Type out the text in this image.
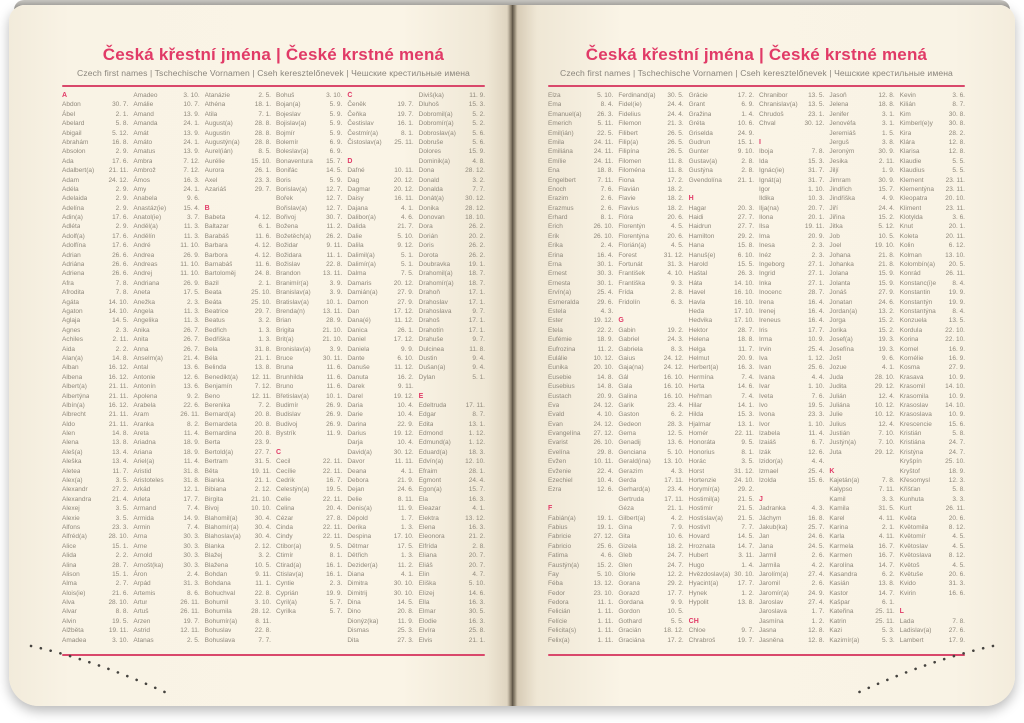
Česká křestní jména | České krstné mená
Czech first names | Tschechische Vornamen | Cseh keresztelőnevek | Чешские крестильные имена
A
Abdon	30. 7.
Ábel	2. 1.
Abelard	5. 8.
Abigail	5. 12.
Abrahám	16. 8.
Absolon	2. 9.
Ada	17. 6.
Adalbert(a)	21. 11.
Adam	24. 12.
Adéla	2. 9.
Adelaida	2. 9.
Adelína	2. 9.
Adin(a)	17. 6.
Adléta	2. 9.
Adolf(a)	17. 6.
Adolfína	17. 6.
Adrian	26. 6.
Adriána	26. 6.
Adriena	26. 6.
Afra	7. 8.
Afrodita	7. 8.
Agáta	14. 10.
Agaton	14. 10.
Aglaja	14. 5.
Agnes	2. 3.
Achiles	2. 11.
Aida	2. 2.
Alan(a)	14. 8.
Alban	16. 12.
Albena	16. 12.
Albert(a)	21. 11.
Albertýna	21. 11.
Albín(a)	16. 12.
Albrecht	21. 11.
Aldo	21. 11.
Alen	14. 8.
Alena	13. 8.
Aleš(a)	13. 4.
Aleška	13. 4.
Aletea	11. 7.
Alex(a)	3. 5.
Alexandr	27. 2.
Alexandra	21. 4.
Alexej	3. 5.
Alexie	3. 5.
Alfons	23. 3.
Alfréd(a)	28. 10.
Alice	15. 1.
Alida	2. 2.
Alina	28. 7.
Alison	15. 1.
Alma	2. 7.
Alois(ie)	21. 6.
Alva	28. 10.
Alvar	8. 8.
Alvin	19. 5.
Alžběta	19. 11.
Amadea	3. 10.
Amadeo	3. 10.
Amálie	10. 7.
Amand	13. 9.
Amanda	24. 1.
Amát	13. 9.
Amáto	24. 1.
Amatus	13. 9.
Ambra	7. 12.
Ambrož	7. 12.
Ámos	16. 3.
Amy	24. 1.
Anabela	9. 6.
Anastáz(ie)	15. 4.
Anatol(ie)	3. 7.
Anděl(a)	11. 3.
Andělín	11. 3.
André	11. 10.
Andrea	26. 9.
Andreas	11. 10.
Andrej	11. 10.
Andriana	26. 9.
Aneta	17. 5.
Anežka	2. 3.
Angela	11. 3.
Angelika	11. 3.
Anika	26. 7.
Anita	26. 7.
Anna	26. 7.
Anselm(a)	21. 4.
Antal	13. 6.
Antonie	12. 6.
Antonín	13. 6.
Apolena	9. 2.
Arabela	22. 6.
Aram	26. 11.
Aranka	8. 2.
Areta	11. 4.
Ariadna	18. 9.
Ariana	18. 9.
Ariel(a)	11. 4.
Aristid	31. 8.
Aristoteles	31. 8.
Arkád	12. 1.
Arleta	17. 7.
Armand	7. 4.
Armida	14. 9.
Armin	7. 4.
Arna	30. 3.
Arne	30. 3.
Arnold	30. 3.
Arnošt(ka)	30. 3.
Áron	2. 4.
Arpád	31. 3.
Artemis	8. 6.
Artur	26. 11.
Artuš	26. 11.
Arzen	19. 7.
Astrid	12. 11.
Atanas	2. 5.
Atanázie	2. 5.
Athéna	18. 1.
Atila	7. 1.
August(a)	28. 8.
Augustin	28. 8.
Augustýn(a)	28. 8.
Aurel(ián)	8. 5.
Aurélie	15. 10.
Aurora	26. 1.
Axel	23. 3.
Azariáš	29. 7.
B
Babeta	4. 12.
Baltazar	6. 1.
Barabáš	11. 6.
Barbara	4. 12.
Barbora	4. 12.
Barnabáš	11. 6.
Bartoloměj	24. 8.
Bazil	2. 1.
Beata	25. 10.
Beáta	25. 10.
Beatrice	29. 7.
Beatus	3. 2.
Bedřich	1. 3.
Bedřiška	1. 3.
Bela	31. 8.
Béla	21. 1.
Belinda	13. 8.
Benedikt(a)	12. 11.
Benjamín	7. 12.
Beno	12. 11.
Berenika	7. 2.
Bernard(a)	20. 8.
Bernardeta	20. 8.
Bernardina	20. 8.
Berta	23. 9.
Bertold(a)	27. 7.
Bertram	31. 5.
Běta	19. 11.
Bianka	21. 1.
Bibiana	2. 12.
Birgita	21. 10.
Bivoj	10. 10.
Blahomil(a)	30. 4.
Blahomír(a)	30. 4.
Blahoslav(a)	30. 4.
Blanka	2. 12.
Blažej	3. 2.
Blažena	10. 5.
Bohdan	9. 11.
Bohdana	11. 1.
Bohuchval	22. 8.
Bohumil	3. 10.
Bohumila	28. 12.
Bohumír(a)	8. 11.
Bohuslav	22. 8.
Bohuslava	7. 7.
Bohuš	3. 10.
Bojan(a)	5. 9.
Bojeslav	5. 9.
Bojislav(a)	5. 9.
Bojmír	5. 9.
Bolemír	6. 9.
Boleslav(a)	6. 9.
Bonaventura	15. 7.
Bonifác	14. 5.
Boris	5. 9.
Borislav(a)	12. 7.
Bořek	12. 7.
Bořislav(a)	12. 7.
Bořivoj	30. 7.
Božena	11. 2.
Božetěch(a)	26. 2.
Božidar	9. 11.
Božidara	11. 1.
Božislav	22. 8.
Brandon	13. 11.
Branimír(a)	3. 9.
Branislav(a)	3. 9.
Bratislav(a)	10. 1.
Brenda(n)	13. 11.
Brian	28. 9.
Brigita	21. 10.
Brit(a)	21. 10.
Bronislav(a)	3. 9.
Bruce	30. 11.
Bruna	11. 6.
Brunhilda	11. 6.
Bruno	11. 6.
Břetislav(a)	10. 1.
Budimír	26. 9.
Budislav	26. 9.
Budivoj	26. 9.
Bystrík	11. 9.
C
Cecil	22. 11.
Cecílie	22. 11.
Cedrik	16. 7.
Celestýn(a)	19. 5.
Celie	22. 11.
Celina	20. 4.
Cézar	27. 8.
Cinda	22. 11.
Cindy	22. 11.
Ctibor(a)	9. 5.
Ctimír	8. 1.
Ctirad(a)	16. 1.
Ctislav(a)	16. 1.
Cyntie	2. 3.
Cyprián	19. 9.
Cyril(a)	5. 7.
Cyrilka	5. 7.
Č
Čeněk	19. 7.
Čeňka	19. 7.
Čestislav	16. 1.
Čestmír(a)	8. 1.
Čistoslav(a)	25. 11.
D
Dafné	10. 11.
Dag	20. 12.
Dagmar	20. 12.
Daisy	16. 11.
Dajana	4. 1.
Dalibor(a)	4. 6.
Dalida	21. 7.
Dalie	5. 10.
Dalila	9. 12.
Dalimil(a)	5. 1.
Dalimír(a)	5. 1.
Dalma	7. 5.
Damaris	20. 12.
Damián(a)	27. 9.
Damon	27. 9.
Dan	17. 12.
Dana(é)	11. 12.
Danica	26. 1.
Daniel	17. 12.
Daniela	9. 9.
Dante	6. 10.
Danuše	11. 12.
Danuta	16. 2.
Darek	9. 11.
Darel	19. 12.
Daria	10. 4.
Darie	10. 4.
Darina	22. 9.
Darius	19. 12.
Darja	10. 4.
David(a)	30. 12.
Davor	11. 11.
Deana	4. 1.
Debora	21. 9.
Dejan	24. 6.
Delie	8. 11.
Denis(a)	11. 9.
Děpold	1. 7.
Derika	1. 3.
Despina	17. 10.
Dětmar	17. 5.
Dětřich	1. 3.
Dezider(a)	11. 2.
Diana	4. 1.
Dimitra	30. 10.
Dimitrij	30. 10.
Dina	14. 5.
Dino	20. 8.
Dionýz(ka)	11. 9.
Dismas	25. 3.
Dita	27. 3.
Diviš(ka)	11. 9.
Dluhoš	15. 3.
Dobromil(a)	5. 2.
Dobromír(a)	5. 2.
Dobroslav(a)	5. 6.
Dobruše	5. 6.
Dolores	15. 9.
Dominik(a)	4. 8.
Dona	28. 12.
Donald	3. 2.
Donalda	7. 7.
Donát(a)	30. 12.
Donika	28. 12.
Donovan	18. 10.
Dora	26. 2.
Dorián	20. 2.
Doris	26. 2.
Dorota	26. 2.
Doubravka	19. 1.
Drahomil(a)	18. 7.
Drahomír(a)	18. 7.
Drahoň	17. 1.
Drahoslav	17. 1.
Drahoslava	9. 7.
Drahoš	17. 1.
Drahotín	17. 1.
Drahuše	9. 7.
Dulcinea	11. 8.
Dustin	9. 4.
Dušan(a)	9. 4.
Dylan	5. 1.
E
Edeltruda	17. 11.
Edgar	8. 7.
Edita	13. 1.
Edmond	1. 12.
Edmund(a)	1. 12.
Eduard(a)	18. 3.
Edvín(a)	12. 10.
Efraim	28. 1.
Egmont	24. 4.
Egon(a)	15. 7.
Ela	16. 3.
Eleazar	4. 1.
Elektra	13. 12.
Elena	16. 3.
Eleonora	21. 2.
Elfrída	2. 8.
Eliana	20. 7.
Eliáš	20. 7.
Elin	4. 7.
Eliška	5. 10.
Elizej	14. 6.
Ella	16. 3.
Elmar	30. 5.
Elodie	16. 3.
Elvíra	25. 8.
Elvis	21. 1.
Česká křestní jména | České krstné mená
Czech first names | Tschechische Vornamen | Cseh keresztelőnevek | Чешские крестильные имена
Elza	5. 10.
Ema	8. 4.
Emanuel(a)	26. 3.
Emerich	5. 11.
Emil(ián)	22. 5.
Emila	24. 11.
Emiliána	24. 11.
Emílie	24. 11.
Ena	18. 8.
Engelbert	7. 11.
Enoch	7. 6.
Erazim	2. 6.
Erazmus	2. 6.
Erhard	8. 1.
Erich	26. 10.
Erik	26. 10.
Erika	2. 4.
Erina	16. 4.
Erna	30. 1.
Ernest	30. 3.
Ernesta	30. 1.
Ervín(a)	25. 4.
Esmeralda	29. 6.
Estela	4. 3.
Ester	19. 12.
Etela	22. 2.
Eufémie	18. 9.
Eufrozina	11. 2.
Eulálie	10. 12.
Eunika	20. 10.
Eusebie	14. 8.
Eusebius	14. 8.
Eustach	20. 9.
Eva	24. 12.
Evald	4. 10.
Evan	24. 12.
Evangelína	27. 12.
Evarist	26. 10.
Evelína	29. 8.
Evžen	10. 11.
Evženie	22. 4.
Ezechiel	10. 4.
Ezra	12. 6.
F
Fabián(a)	19. 1.
Fabius	19. 1.
Fabricie	27. 12.
Fabricio	25. 6.
Fatima	4. 6.
Faustýn(a)	15. 2.
Fay	5. 10.
Féba	13. 12.
Fedor	23. 10.
Fedora	11. 1.
Felicián	1. 11.
Felície	1. 11.
Felicita(s)	1. 11.
Felix(a)	1. 11.
Ferdinand(a)	30. 5.
Fidel(ie)	24. 4.
Fidelius	24. 4.
Filemon	21. 3.
Filibert	26. 5.
Filip(a)	26. 5.
Filipína	26. 5.
Filomen	11. 8.
Filoména	11. 8.
Fiona	17. 2.
Flavián	18. 2.
Flavie	18. 2.
Flavius	18. 2.
Flóra	20. 6.
Florentýn	4. 5.
Florentýna	20. 6.
Florián(a)	4. 5.
Forest	31. 12.
Fortunát	31. 3.
František	4. 10.
Františka	9. 3.
Frída	2. 8.
Fridolín	6. 3.
G
Gabin	19. 2.
Gabriel	24. 3.
Gabriela	8. 3.
Gaius	24. 12.
Gaja(na)	24. 12.
Gál	16. 10.
Gala	16. 10.
Galina	16. 10.
Garik	23. 4.
Gaston	6. 2.
Gedeon	28. 3.
Gema	12. 5.
Genadij	13. 6.
Genciana	5. 10.
Gerald(ina)	13. 10.
Gerazim	4. 3.
Gerda	17. 11.
Gerhard(a)	23. 4.
Gertruda	17. 11.
Géza	21. 1.
Gilbert(a)	4. 2.
Gina	7. 9.
Gita	10. 6.
Gizela	18. 2.
Gleb	24. 7.
Glen	24. 7.
Glorie	12. 2.
Gorana	29. 2.
Gorazd	17. 7.
Gordana	9. 9.
Gordon	10. 5.
Gothard	5. 5.
Gracián	18. 12.
Graciána	17. 2.
Grácie	17. 2.
Grant	6. 9.
Gražina	1. 4.
Gréta	10. 6.
Griselda	24. 9.
Gudrun	15. 1.
Gunter	9. 10.
Gustav(a)	2. 8.
Gustýna	2. 8.
Gvendolína	21. 1.
H
Hagar	20. 3.
Haidi	27. 7.
Haidrun	27. 7.
Hamilton	29. 2.
Hana	15. 8.
Hanuš(e)	6. 10.
Harold	15. 5.
Haštal	26. 3.
Háta	14. 10.
Havel	16. 10.
Havla	16. 10.
Heda	17. 10.
Hedvika	17. 10.
Hektor	28. 7.
Helena	18. 8.
Helga	11. 7.
Helmut	20. 9.
Herbert(a)	16. 3.
Hermína	7. 4.
Herta	14. 6.
Heřman	7. 4.
Hilar	14. 1.
Hilda	15. 3.
Hjalmar	13. 1.
Homér	22. 11.
Honoráta	9. 5.
Honorius	8. 1.
Horác	3. 5.
Horst	31. 12.
Hortenzie	24. 10.
Horymír(a)	29. 2.
Hostimil(a)	21. 5.
Hostimír	21. 5.
Hostislav(a)	21. 5.
Hostivít	7. 7.
Hovard	14. 5.
Hroznata	14. 7.
Hubert	3. 11.
Hugo	1. 4.
Hvězdoslav(a) 30. 10.
Hyacint(a)	17. 7.
Hynek	1. 2.
Hypolit	13. 8.
CH
Chloe	9. 7.
Chrabroš	19. 7.
Chranibor	13. 5.
Chranislav(a)	13. 5.
Chrudoš	23. 1.
Chval	30. 12.
I
Iboja	7. 8.
Ida	15. 3.
Ignác(ie)	31. 7.
Ignát(a)	31. 7.
Igor	1. 10.
Ildika	10. 3.
Ilja(na)	20. 7.
Ilona	20. 1.
Ilsa	19. 11.
Ima	20. 9.
Inesa	2. 3.
Inéz	2. 3.
Ingeborg	27. 1.
Ingrid	27. 1.
Inka	27. 1.
Inocenc	28. 7.
Irena	16. 4.
Irenej	16. 4.
Ireneus	16. 4.
Iris	17. 7.
Irma	10. 9.
Irvin	25. 4.
Iva	1. 12.
Ivan	25. 6.
Ivana	4. 4.
Ivar	1. 10.
Iveta	7. 6.
Ivo	19. 5.
Ivona	23. 3.
Ivor	1. 10.
Izabela	11. 4.
Izaiáš	6. 7.
Izák	12. 6.
Izidor(a)	4. 4.
Izmael	25. 4.
Izolda	15. 6.
J
Jadranka	4. 3.
Jáchym	16. 8.
Jakub(ka)	25. 7.
Jan	24. 6.
Jana	24. 5.
Jarmil	2. 6.
Jarmila	4. 2.
Jarolím(a)	27. 4.
Jaromil	2. 6.
Jaromír(a)	24. 9.
Jaroslav	27. 4.
Jaroslava	1. 7.
Jasmína	1. 2.
Jasna	12. 8.
Jasněna	12. 8.
Jasoň	12. 8.
Jelena	18. 8.
Jenifer	3. 1.
Jenovéfa	3. 1.
Jeremiáš	1. 5.
Jerguš	3. 8.
Jeroným	30. 9.
Jesika	2. 11.
Jiljí	1. 9.
Jimram	30. 9.
Jindřich	15. 7.
Jindřiška	4. 9.
Jiří	24. 4.
Jiřina	15. 2.
Jitka	5. 12.
Job	10. 5.
Joel	19. 10.
Johana	21. 8.
Johanka	21. 8.
Jolana	15. 9.
Jolanta	15. 9.
Jonáš	27. 9.
Jonatan	24. 6.
Jordan(a)	13. 2.
Jorga	15. 2.
Jorika	15. 2.
Josef(a)	19. 3.
Josefína	19. 3.
Jošt	9. 6.
Jozue	4. 1.
Juda	28. 10.
Judita	29. 12.
Julián	12. 4.
Juliána	10. 12.
Julie	10. 12.
Julius	12. 4.
Justián	7. 10.
Justýn(a)	7. 10.
Juta	29. 12.
K
Kajetán(a)	7. 8.
Kalypso	7. 11.
Kamil	3. 3.
Kamila	31. 5.
Karel	4. 11.
Karina	2. 1.
Karla	4. 11.
Karmela	16. 7.
Karmen	16. 7.
Karolína	14. 7.
Kasandra	6. 2.
Kasián	13. 8.
Kastor	14. 7.
Kašpar	6. 1.
Kateřina	25. 11.
Katrin	25. 11.
Kazi	5. 3.
Kazimír(a)	5. 3.
Kevin	3. 6.
Kilián	8. 7.
Kim	30. 8.
Kimberl(e)y	30. 8.
Kira	28. 2.
Klára	12. 8.
Klarisa	12. 8.
Klaudie	5. 5.
Klaudius	5. 5.
Klement	23. 11.
Klementýna	23. 11.
Kleopatra	20. 10.
Kliment	23. 11.
Klotylda	3. 6.
Knut	20. 1.
Koleta	20. 11.
Kolin	6. 12.
Kolman	13. 10.
Kolombín(a)	20. 5.
Konrád	26. 11.
Konstanc(i)e	8. 4.
Konstantin	19. 9.
Konstantýn	19. 9.
Konstantýna	8. 4.
Konzuela	13. 5.
Kordula	22. 10.
Korina	22. 10.
Kornel	16. 9.
Kornélie	16. 9.
Kosma	27. 9.
Krasava	10. 9.
Krasomil	14. 10.
Krasomila	10. 9.
Krasoslav	14. 10.
Krasoslava	10. 9.
Krescencie	15. 6.
Kristián	5. 8.
Kristiána	24. 7.
Kristýna	24. 7.
Kryšpín	25. 10.
Kryštof	18. 9.
Křesomysl	12. 3.
Křišťan	5. 8.
Kunhuta	3. 3.
Kurt	26. 11.
Květa	20. 6.
Květomila	8. 12.
Květomír	4. 5.
Květoslav	4. 5.
Květoslava	8. 12.
Květoš	4. 5.
Květuše	20. 6.
Kvido	31. 3.
Kvirin	16. 6.
L
Lada	7. 8.
Ladislav(a)	27. 6.
Lambert	17. 9.
